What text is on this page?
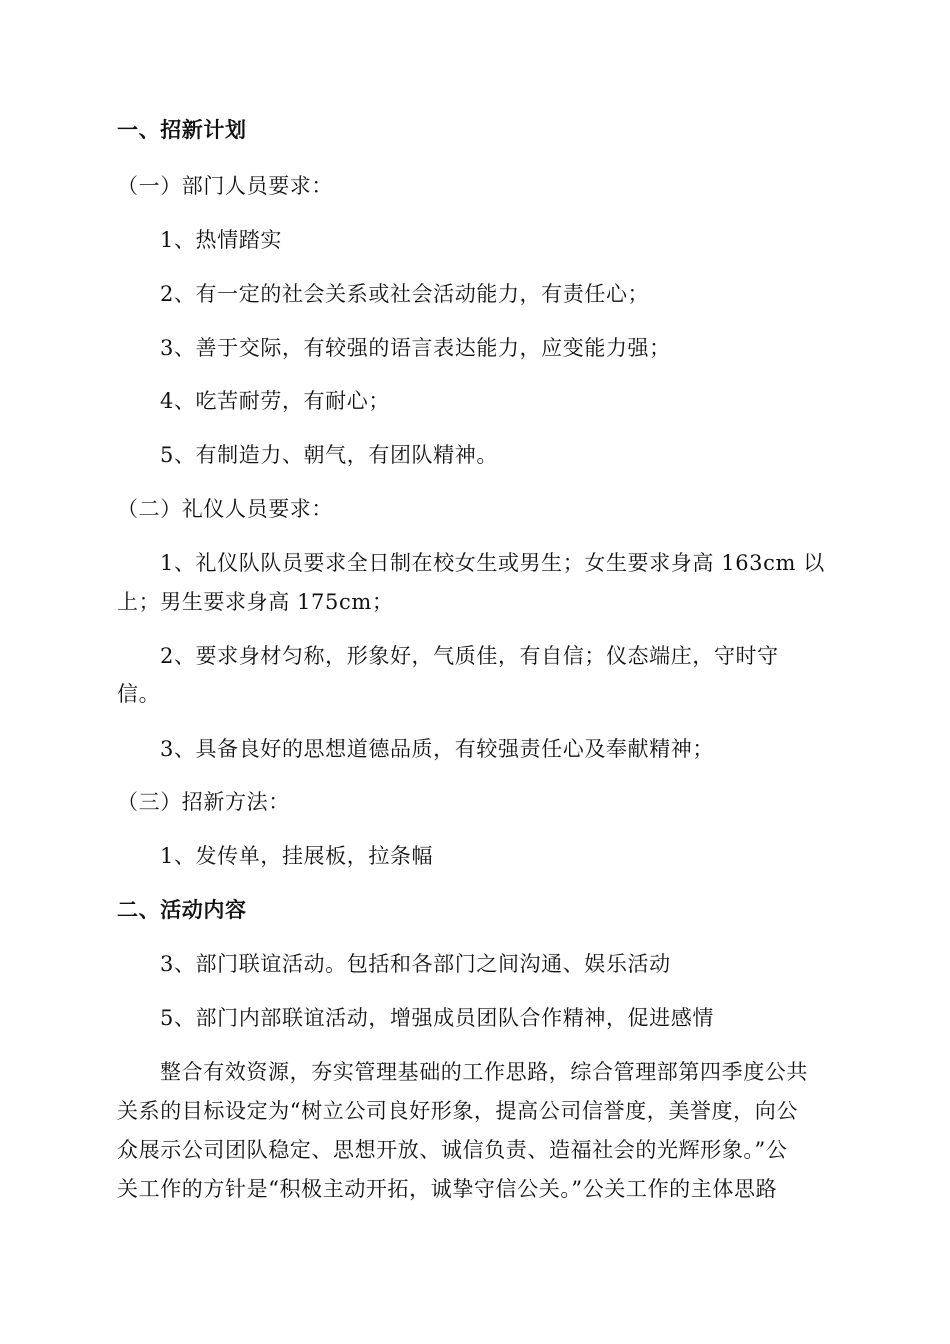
一、招新计划
（一）部门人员要求：
1、热情踏实
2、有一定的社会关系或社会活动能力，有责任心；
3、善于交际，有较强的语言表达能力，应变能力强；
4、吃苦耐劳，有耐心；
5、有制造力、朝气，有团队精神。
（二）礼仪人员要求：
1、礼仪队队员要求全日制在校女生或男生；女生要求身高 163cm 以
上；男生要求身高 175cm；
2、要求身材匀称，形象好，气质佳，有自信；仪态端庄，守时守
信。
3、具备良好的思想道德品质，有较强责任心及奉献精神；
（三）招新方法：
1、发传单，挂展板，拉条幅
二、活动内容
3、部门联谊活动。包括和各部门之间沟通、娱乐活动
5、部门内部联谊活动，增强成员团队合作精神，促进感情
整合有效资源，夯实管理基础的工作思路，综合管理部第四季度公共
关系的目标设定为“树立公司良好形象，提高公司信誉度，美誉度，向公
众展示公司团队稳定、思想开放、诚信负责、造福社会的光辉形象。”公
关工作的方针是“积极主动开拓，诚挚守信公关。”公关工作的主体思路
